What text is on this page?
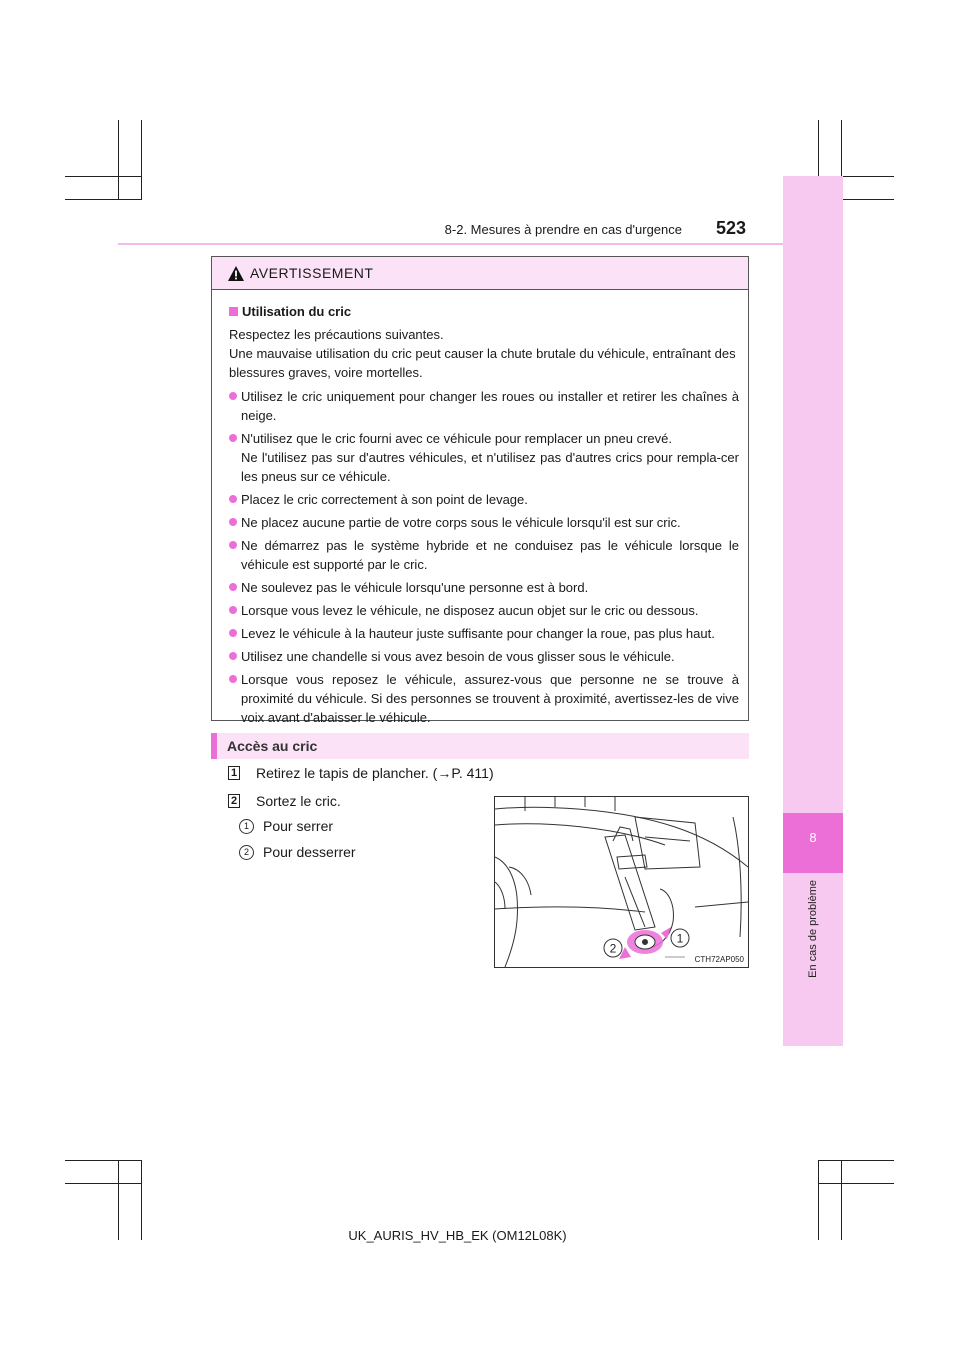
8
En cas de problème
8-2. Mesures à prendre en cas d'urgence 523
AVERTISSEMENT
Utilisation du cric
Respectez les précautions suivantes.
Une mauvaise utilisation du cric peut causer la chute brutale du véhicule, entraînant des blessures graves, voire mortelles.
Utilisez le cric uniquement pour changer les roues ou installer et retirer les chaînes à neige.
N'utilisez que le cric fourni avec ce véhicule pour remplacer un pneu crevé.
Ne l'utilisez pas sur d'autres véhicules, et n'utilisez pas d'autres crics pour rempla-cer les pneus sur ce véhicule.
Placez le cric correctement à son point de levage.
Ne placez aucune partie de votre corps sous le véhicule lorsqu'il est sur cric.
Ne démarrez pas le système hybride et ne conduisez pas le véhicule lorsque le véhicule est supporté par le cric.
Ne soulevez pas le véhicule lorsqu'une personne est à bord.
Lorsque vous levez le véhicule, ne disposez aucun objet sur le cric ou dessous.
Levez le véhicule à la hauteur juste suffisante pour changer la roue, pas plus haut.
Utilisez une chandelle si vous avez besoin de vous glisser sous le véhicule.
Lorsque vous reposez le véhicule, assurez-vous que personne ne se trouve à proximité du véhicule. Si des personnes se trouvent à proximité, avertissez-les de vive voix avant d'abaisser le véhicule.
Accès au cric
1 Retirez le tapis de plancher. (→P. 411)
2 Sortez le cric.
1	Pour serrer
2	Pour desserrer
1
2
CTH72AP050
UK_AURIS_HV_HB_EK (OM12L08K)
